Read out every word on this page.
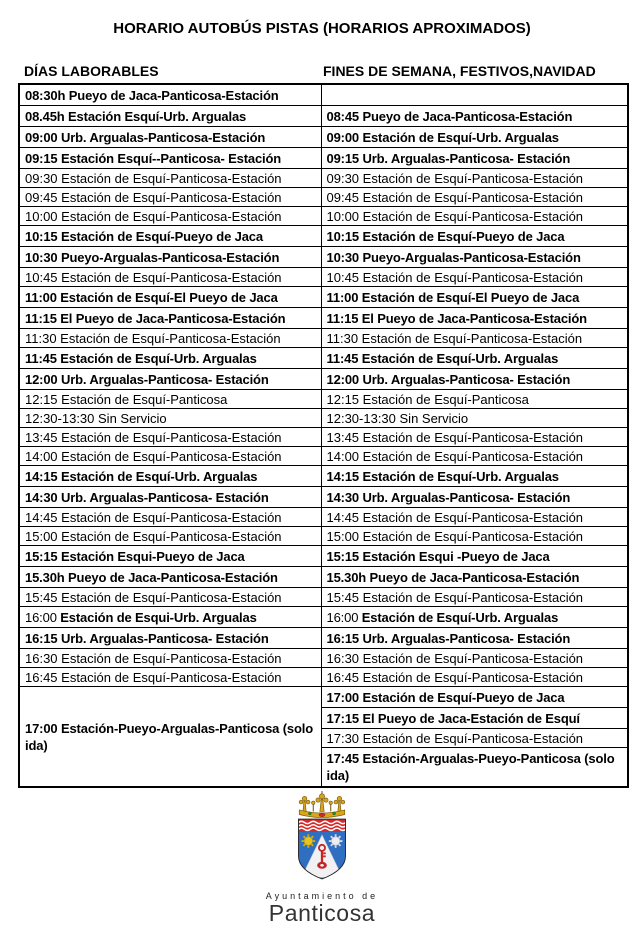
HORARIO AUTOBÚS PISTAS (HORARIOS APROXIMADOS)
DÍAS LABORABLES	FINES DE SEMANA, FESTIVOS,NAVIDAD
08:30h Pueyo de Jaca-Panticosa-Estación	
08.45h Estación Esquí-Urb. Argualas	08:45 Pueyo de Jaca-Panticosa-Estación
09:00 Urb. Argualas-Panticosa-Estación	09:00 Estación de Esquí-Urb. Argualas
09:15 Estación Esquí--Panticosa- Estación	09:15 Urb. Argualas-Panticosa- Estación
09:30 Estación de Esquí-Panticosa-Estación	09:30 Estación de Esquí-Panticosa-Estación
09:45 Estación de Esquí-Panticosa-Estación	09:45 Estación de Esquí-Panticosa-Estación
10:00 Estación de Esquí-Panticosa-Estación	10:00 Estación de Esquí-Panticosa-Estación
10:15 Estación de Esquí-Pueyo de Jaca	10:15 Estación de Esquí-Pueyo de Jaca
10:30 Pueyo-Argualas-Panticosa-Estación	10:30 Pueyo-Argualas-Panticosa-Estación
10:45 Estación de Esquí-Panticosa-Estación	10:45 Estación de Esquí-Panticosa-Estación
11:00 Estación de Esquí-El Pueyo de Jaca	11:00 Estación de Esquí-El Pueyo de Jaca
11:15 El Pueyo de Jaca-Panticosa-Estación	11:15 El Pueyo de Jaca-Panticosa-Estación
11:30 Estación de Esquí-Panticosa-Estación	11:30 Estación de Esquí-Panticosa-Estación
11:45 Estación de Esquí-Urb. Argualas	11:45 Estación de Esquí-Urb. Argualas
12:00 Urb. Argualas-Panticosa- Estación	12:00 Urb. Argualas-Panticosa- Estación
12:15 Estación de Esquí-Panticosa	12:15 Estación de Esquí-Panticosa
12:30-13:30 Sin Servicio	12:30-13:30 Sin Servicio
13:45 Estación de Esquí-Panticosa-Estación	13:45 Estación de Esquí-Panticosa-Estación
14:00 Estación de Esquí-Panticosa-Estación	14:00 Estación de Esquí-Panticosa-Estación
14:15 Estación de Esquí-Urb. Argualas	14:15 Estación de Esquí-Urb. Argualas
14:30 Urb. Argualas-Panticosa- Estación	14:30 Urb. Argualas-Panticosa- Estación
14:45 Estación de Esquí-Panticosa-Estación	14:45 Estación de Esquí-Panticosa-Estación
15:00 Estación de Esquí-Panticosa-Estación	15:00 Estación de Esquí-Panticosa-Estación
15:15 Estación Esqui-Pueyo de Jaca	15:15 Estación Esqui -Pueyo de Jaca
15.30h Pueyo de Jaca-Panticosa-Estación	15.30h Pueyo de Jaca-Panticosa-Estación
15:45 Estación de Esquí-Panticosa-Estación	15:45 Estación de Esquí-Panticosa-Estación
16:00 Estación de Esqui-Urb. Argualas	16:00 Estación de Esquí-Urb. Argualas
16:15 Urb. Argualas-Panticosa- Estación	16:15 Urb. Argualas-Panticosa- Estación
16:30 Estación de Esquí-Panticosa-Estación	16:30 Estación de Esquí-Panticosa-Estación
16:45 Estación de Esquí-Panticosa-Estación	16:45 Estación de Esquí-Panticosa-Estación
17:00 Estación-Pueyo-Argualas-Panticosa (solo ida)	17:00 Estación de Esquí-Pueyo de Jaca
	17:15 El Pueyo de Jaca-Estación de Esquí
	17:30 Estación de Esquí-Panticosa-Estación
	17:45 Estación-Argualas-Pueyo-Panticosa (solo ida)
Ayuntamiento de
Panticosa
